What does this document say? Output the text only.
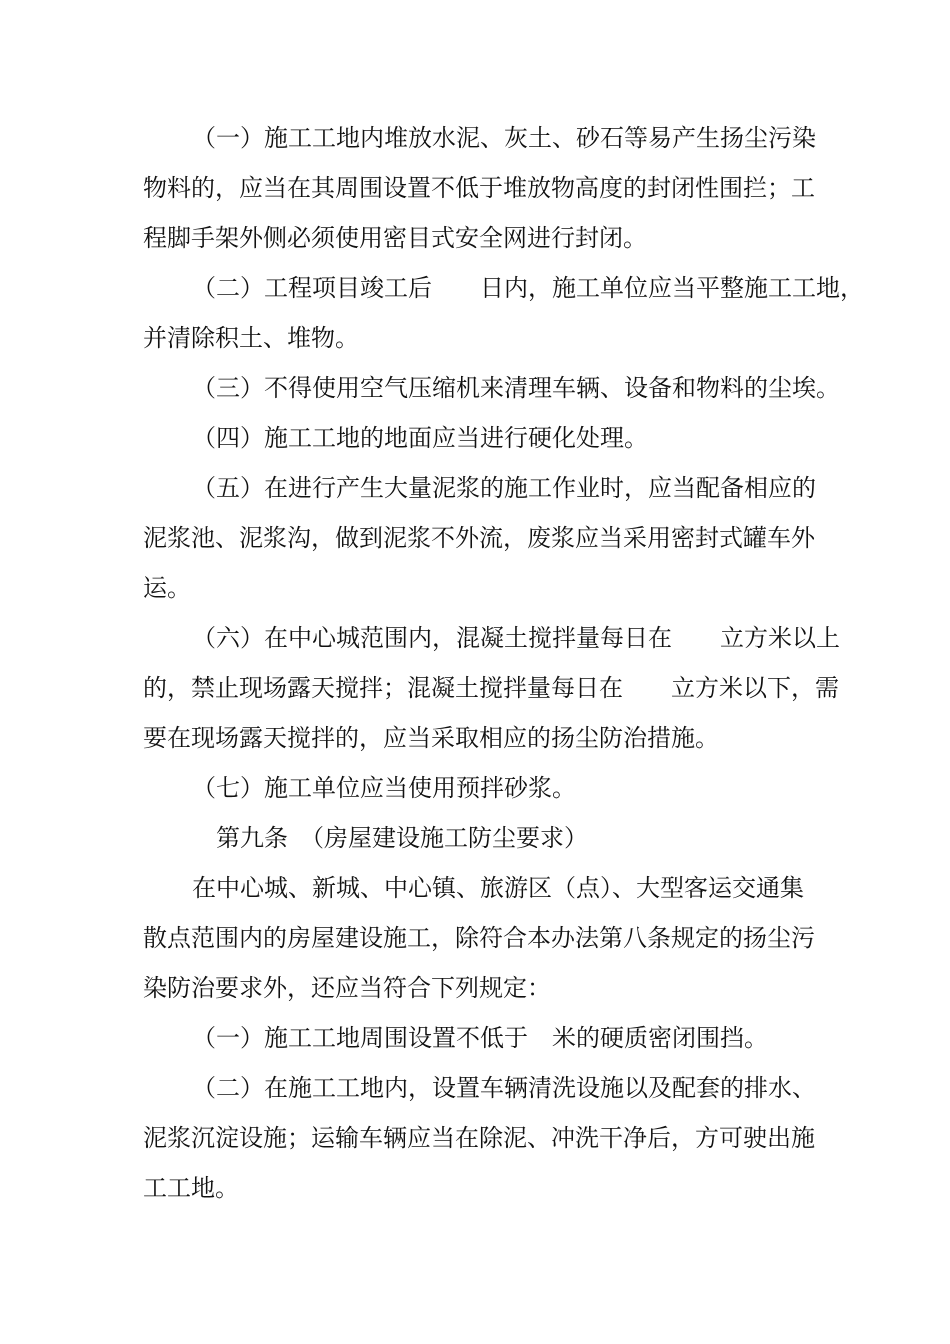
（一）施工工地内堆放水泥、灰土、砂石等易产生扬尘污染
物料的，应当在其周围设置不低于堆放物高度的封闭性围拦；工
程脚手架外侧必须使用密目式安全网进行封闭。
（二）工程项目竣工后　　日内，施工单位应当平整施工工地，
并清除积土、堆物。
（三）不得使用空气压缩机来清理车辆、设备和物料的尘埃。
（四）施工工地的地面应当进行硬化处理。
（五）在进行产生大量泥浆的施工作业时，应当配备相应的
泥浆池、泥浆沟，做到泥浆不外流，废浆应当采用密封式罐车外
运。
（六）在中心城范围内，混凝土搅拌量每日在　　立方米以上
的，禁止现场露天搅拌；混凝土搅拌量每日在　　立方米以下，需
要在现场露天搅拌的，应当采取相应的扬尘防治措施。
（七）施工单位应当使用预拌砂浆。
第九条　（房屋建设施工防尘要求）
在中心城、新城、中心镇、旅游区（点）、大型客运交通集
散点范围内的房屋建设施工，除符合本办法第八条规定的扬尘污
染防治要求外，还应当符合下列规定：
（一）施工工地周围设置不低于　米的硬质密闭围挡。
（二）在施工工地内，设置车辆清洗设施以及配套的排水、
泥浆沉淀设施；运输车辆应当在除泥、冲洗干净后，方可驶出施
工工地。
